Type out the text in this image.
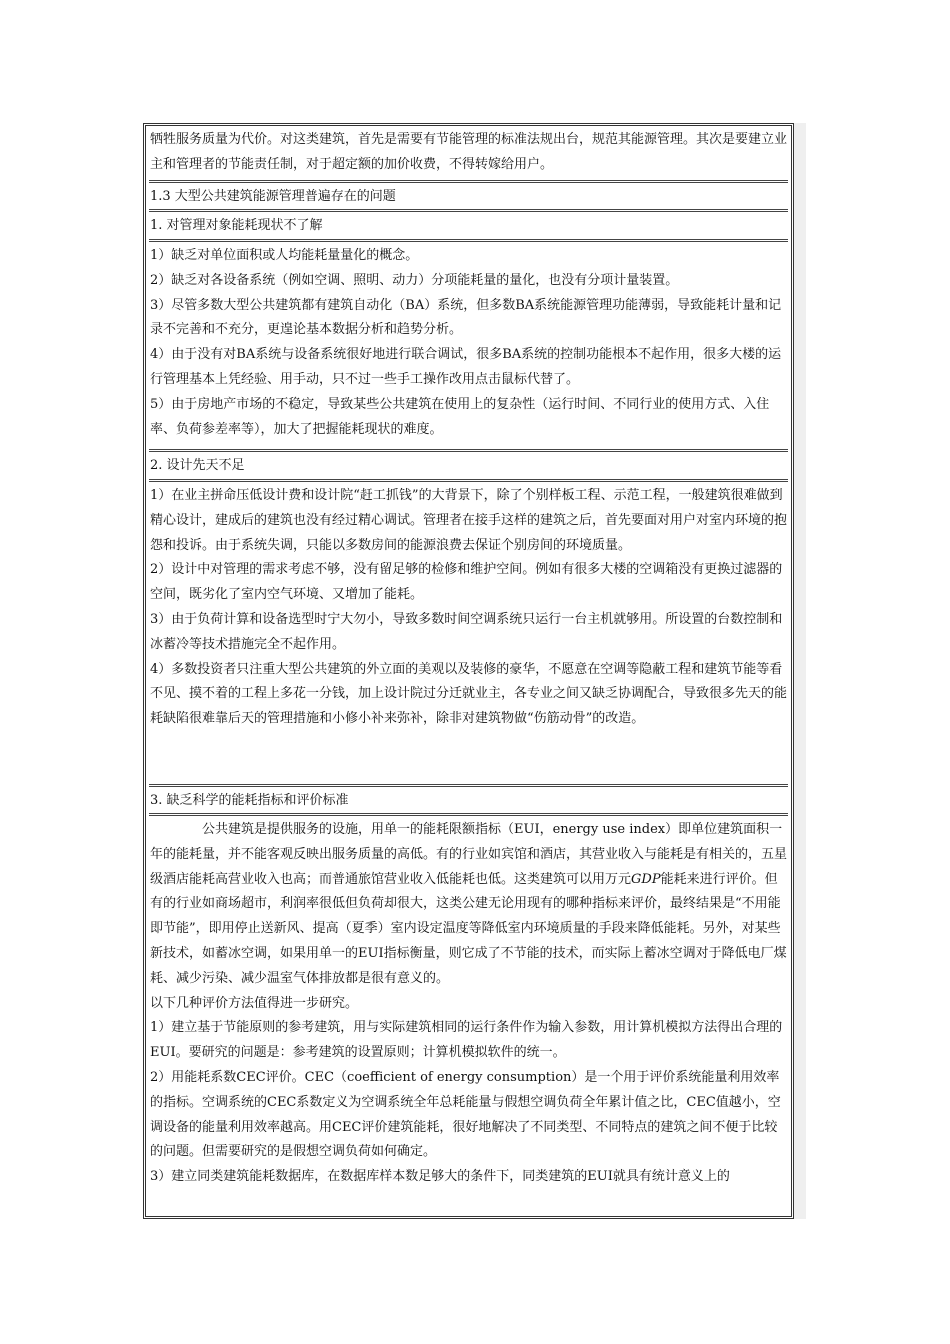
牺牲服务质量为代价。对这类建筑，首先是需要有节能管理的标准法规出台，规范其能源管理。其次是要建立业主和管理者的节能责任制，对于超定额的加价收费，不得转嫁给用户。

1.3 大型公共建筑能源管理普遍存在的问题

1. 对管理对象能耗现状不了解

1）缺乏对单位面积或人均能耗量量化的概念。

2）缺乏对各设备系统（例如空调、照明、动力）分项能耗量的量化，也没有分项计量装置。

3）尽管多数大型公共建筑都有建筑自动化（BA）系统，但多数BA系统能源管理功能薄弱，导致能耗计量和记录不完善和不充分，更遑论基本数据分析和趋势分析。

4）由于没有对BA系统与设备系统很好地进行联合调试，很多BA系统的控制功能根本不起作用，很多大楼的运行管理基本上凭经验、用手动，只不过一些手工操作改用点击鼠标代替了。

5）由于房地产市场的不稳定，导致某些公共建筑在使用上的复杂性（运行时间、不同行业的使用方式、入住率、负荷参差率等），加大了把握能耗现状的难度。

2. 设计先天不足

1）在业主拼命压低设计费和设计院“赶工抓钱”的大背景下，除了个别样板工程、示范工程，一般建筑很难做到精心设计，建成后的建筑也没有经过精心调试。管理者在接手这样的建筑之后，首先要面对用户对室内环境的抱怨和投诉。由于系统失调，只能以多数房间的能源浪费去保证个别房间的环境质量。

2）设计中对管理的需求考虑不够，没有留足够的检修和维护空间。例如有很多大楼的空调箱没有更换过滤器的空间，既劣化了室内空气环境、又增加了能耗。

3）由于负荷计算和设备选型时宁大勿小，导致多数时间空调系统只运行一台主机就够用。所设置的台数控制和冰蓄冷等技术措施完全不起作用。

4）多数投资者只注重大型公共建筑的外立面的美观以及装修的豪华，不愿意在空调等隐蔽工程和建筑节能等看不见、摸不着的工程上多花一分钱，加上设计院过分迁就业主，各专业之间又缺乏协调配合，导致很多先天的能耗缺陷很难靠后天的管理措施和小修小补来弥补，除非对建筑物做“伤筋动骨”的改造。

3. 缺乏科学的能耗指标和评价标准

公共建筑是提供服务的设施，用单一的能耗限额指标（EUI，energy use index）即单位建筑面积一年的能耗量，并不能客观反映出服务质量的高低。有的行业如宾馆和酒店，其营业收入与能耗是有相关的，五星级酒店能耗高营业收入也高；而普通旅馆营业收入低能耗也低。这类建筑可以用万元GDP能耗来进行评价。但有的行业如商场超市，利润率很低但负荷却很大，这类公建无论用现有的哪种指标来评价，最终结果是“不用能即节能”，即用停止送新风、提高（夏季）室内设定温度等降低室内环境质量的手段来降低能耗。另外，对某些新技术，如蓄冰空调，如果用单一的EUI指标衡量，则它成了不节能的技术，而实际上蓄冰空调对于降低电厂煤耗、减少污染、减少温室气体排放都是很有意义的。

以下几种评价方法值得进一步研究。

1）建立基于节能原则的参考建筑，用与实际建筑相同的运行条件作为输入参数，用计算机模拟方法得出合理的EUI。要研究的问题是：参考建筑的设置原则；计算机模拟软件的统一。

2）用能耗系数CEC评价。CEC（coefficient of energy consumption）是一个用于评价系统能量利用效率的指标。空调系统的CEC系数定义为空调系统全年总耗能量与假想空调负荷全年累计值之比，CEC值越小，空调设备的能量利用效率越高。用CEC评价建筑能耗，很好地解决了不同类型、不同特点的建筑之间不便于比较的问题。但需要研究的是假想空调负荷如何确定。

3）建立同类建筑能耗数据库，在数据库样本数足够大的条件下，同类建筑的EUI就具有统计意义上的
